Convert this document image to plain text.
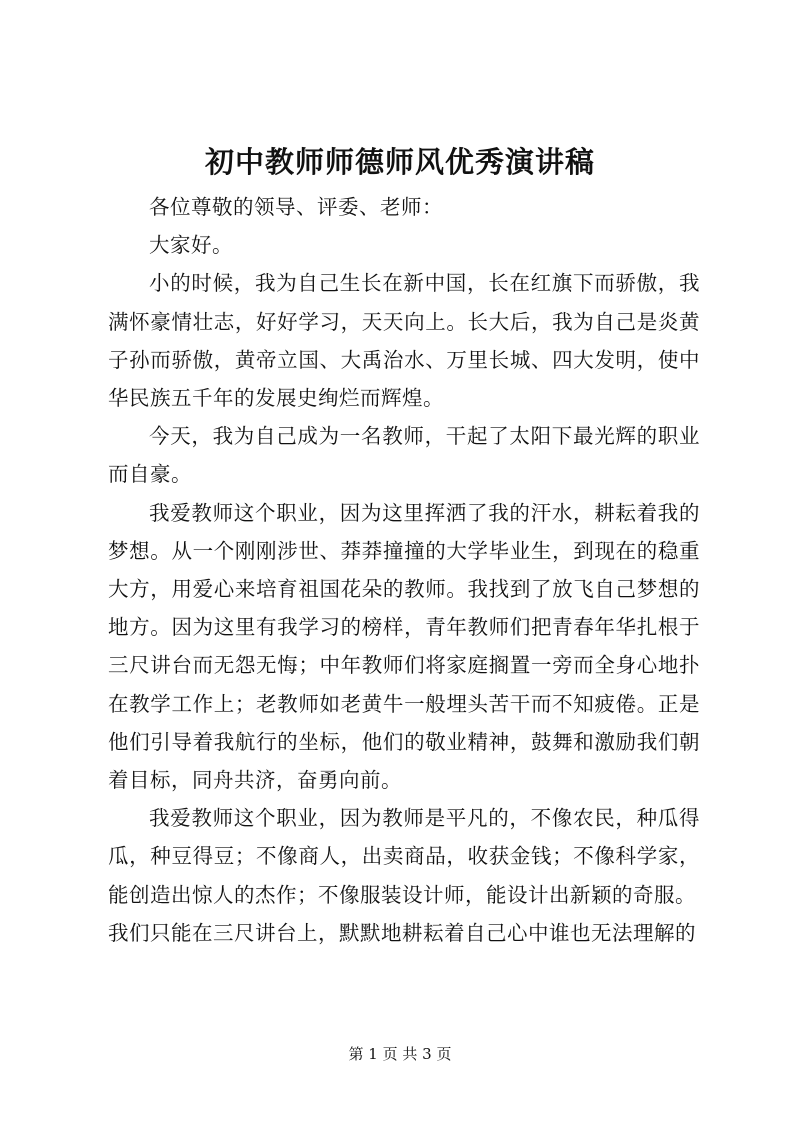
初中教师师德师风优秀演讲稿

各位尊敬的领导、评委、老师：

大家好。

小的时候，我为自己生长在新中国，长在红旗下而骄傲，我满怀豪情壮志，好好学习，天天向上。长大后，我为自己是炎黄子孙而骄傲，黄帝立国、大禹治水、万里长城、四大发明，使中华民族五千年的发展史绚烂而辉煌。

今天，我为自己成为一名教师，干起了太阳下最光辉的职业而自豪。

我爱教师这个职业，因为这里挥洒了我的汗水，耕耘着我的梦想。从一个刚刚涉世、莽莽撞撞的大学毕业生，到现在的稳重大方，用爱心来培育祖国花朵的教师。我找到了放飞自己梦想的地方。因为这里有我学习的榜样，青年教师们把青春年华扎根于三尺讲台而无怨无悔；中年教师们将家庭搁置一旁而全身心地扑在教学工作上；老教师如老黄牛一般埋头苦干而不知疲倦。正是他们引导着我航行的坐标，他们的敬业精神，鼓舞和激励我们朝着目标，同舟共济，奋勇向前。

我爱教师这个职业，因为教师是平凡的，不像农民，种瓜得瓜，种豆得豆；不像商人，出卖商品，收获金钱；不像科学家，能创造出惊人的杰作；不像服装设计师，能设计出新颖的奇服。

我们只能在三尺讲台上，默默地耕耘着自己心中谁也无法理解的

第 1 页 共 3 页
